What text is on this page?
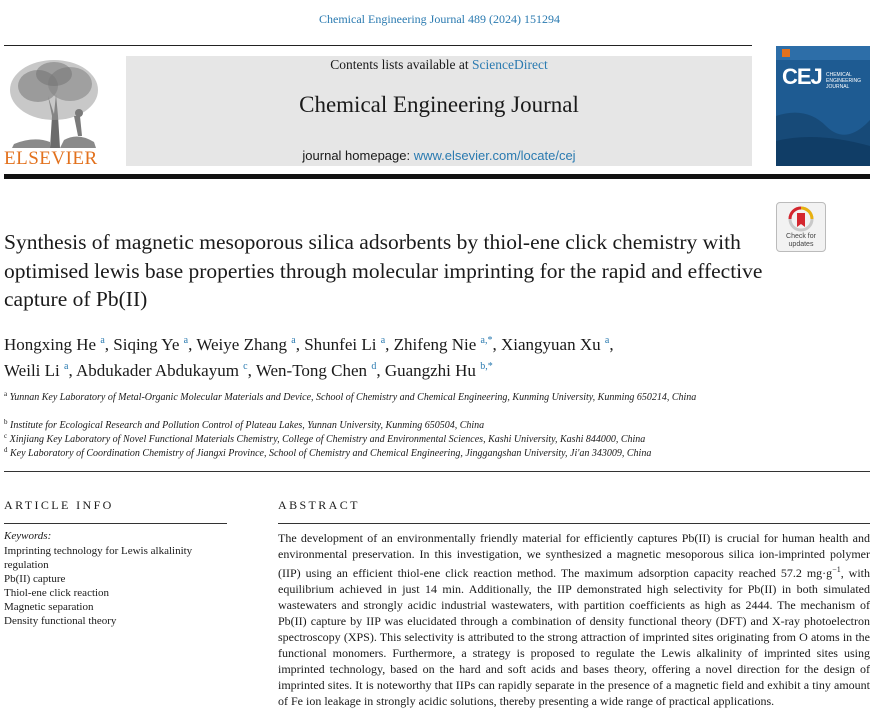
Chemical Engineering Journal 489 (2024) 151294
ELSEVIER
Contents lists available at ScienceDirect
Chemical Engineering Journal
journal homepage: www.elsevier.com/locate/cej
CEJ CHEMICAL
ENGINEERING
JOURNAL
Check for
updates
Synthesis of magnetic mesoporous silica adsorbents by thiol-ene click chemistry with optimised lewis base properties through molecular imprinting for the rapid and effective capture of Pb(II)
Hongxing He $^a$, Siqing Ye $^a$, Weiye Zhang $^a$, Shunfei Li $^a$, Zhifeng Nie $^{a,*}$, Xiangyuan Xu $^a$,
Weili Li $^a$, Abdukader Abdukayum $^c$, Wen-Tong Chen $^d$, Guangzhi Hu $^{b,*}$
$^a$ Yunnan Key Laboratory of Metal-Organic Molecular Materials and Device, School of Chemistry and Chemical Engineering, Kunming University, Kunming 650214, China
$^b$ Institute for Ecological Research and Pollution Control of Plateau Lakes, Yunnan University, Kunming 650504, China
$^c$ Xinjiang Key Laboratory of Novel Functional Materials Chemistry, College of Chemistry and Environmental Sciences, Kashi University, Kashi 844000, China
$^d$ Key Laboratory of Coordination Chemistry of Jiangxi Province, School of Chemistry and Chemical Engineering, Jinggangshan University, Ji'an 343009, China
ARTICLE INFO
Keywords:
Imprinting technology for Lewis alkalinity regulation
Pb(II) capture
Thiol-ene click reaction
Magnetic separation
Density functional theory
ABSTRACT
The development of an environmentally friendly material for efficiently captures Pb(II) is crucial for human health and environmental preservation. In this investigation, we synthesized a magnetic mesoporous silica ion-imprinted polymer (IIP) using an efficient thiol-ene click reaction method. The maximum adsorption capacity reached 57.2 $mg\cdot g^{-1}$, with equilibrium achieved in just 14 min. Additionally, the IIP demonstrated high selectivity for Pb(II) in both simulated wastewaters and strongly acidic industrial wastewaters, with partition coefficients as high as 2444. The mechanism of Pb(II) capture by IIP was elucidated through a combination of density functional theory (DFT) and X-ray photoelectron spectroscopy (XPS). This selectivity is attributed to the strong attraction of imprinted sites originating from O atoms in the functional monomers. Furthermore, a strategy is proposed to regulate the Lewis alkalinity of imprinted sites using imprinted technology, based on the hard and soft acids and bases theory, offering a novel direction for the design of imprinted sites. It is noteworthy that IIPs can rapidly separate in the presence of a magnetic field and exhibit a tiny amount of Fe ion leakage in strongly acidic solutions, thereby presenting a wide range of practical applications.
